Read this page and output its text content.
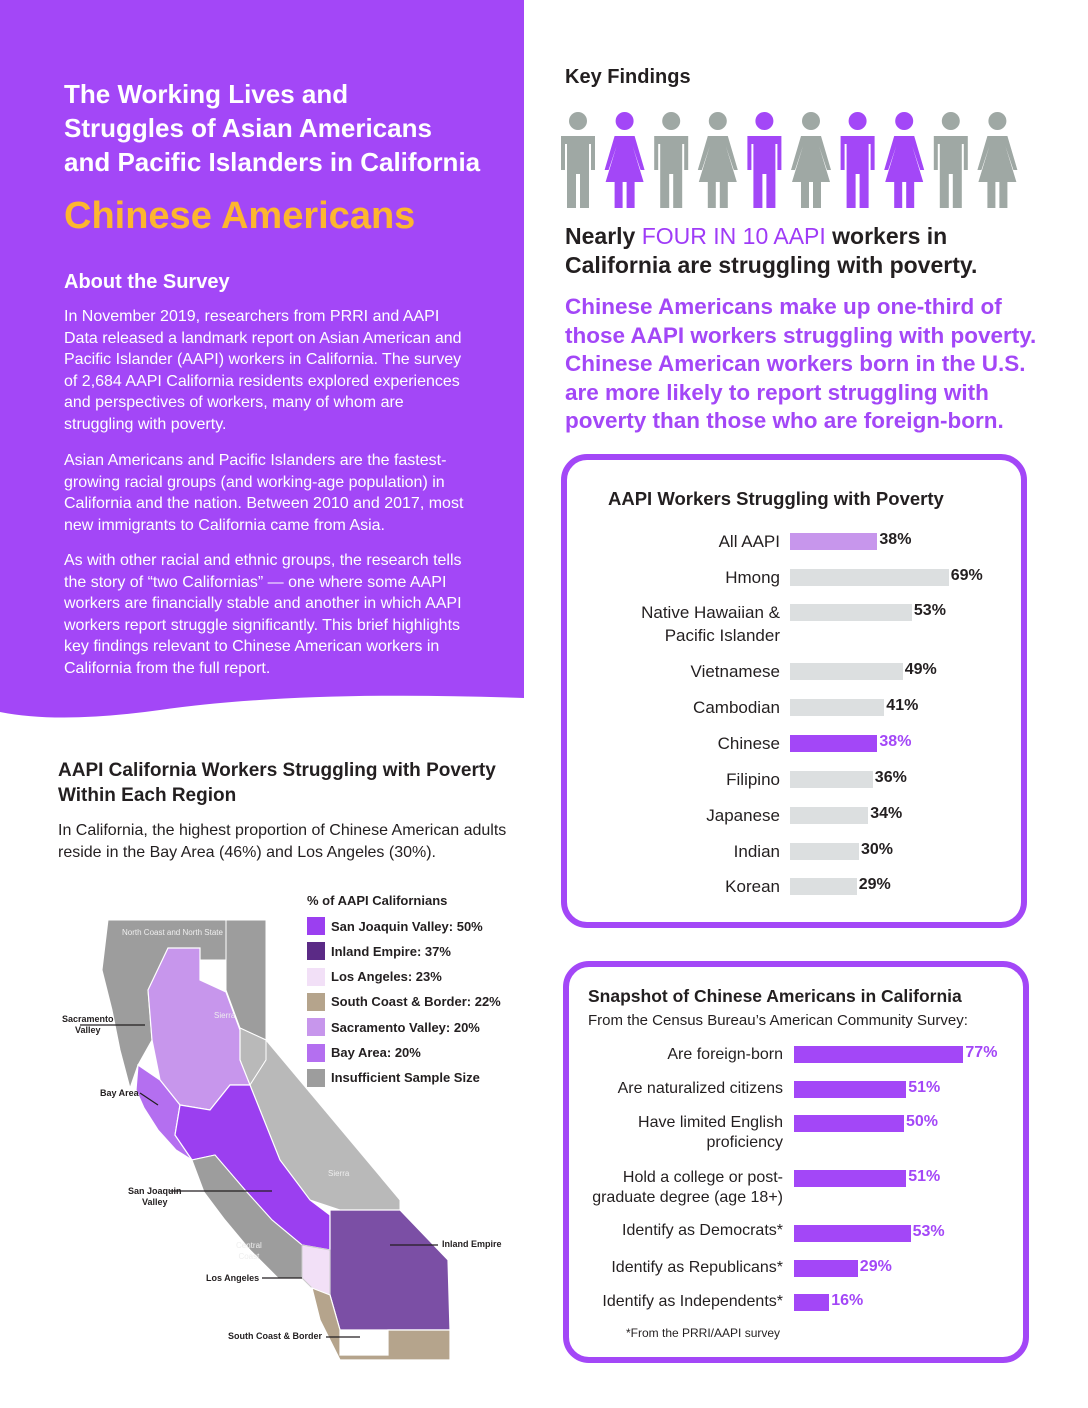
The Working Lives and
Struggles of Asian Americans
and Pacific Islanders in California
Chinese Americans
About the Survey
In November 2019, researchers from PRRI and AAPI Data released a landmark report on Asian American and Pacific Islander (AAPI) workers in California. The survey of 2,684 AAPI California residents explored experiences and perspectives of workers, many of whom are struggling with poverty.
Asian Americans and Pacific Islanders are the fastest-growing racial groups (and working-age population) in California and the nation. Between 2010 and 2017, most new immigrants to California came from Asia.
As with other racial and ethnic groups, the research tells the story of “two Californias” — one where some AAPI workers are financially stable and another in which AAPI workers report struggle significantly. This brief highlights key findings relevant to Chinese American workers in California from the full report.
AAPI California Workers Struggling with Poverty
Within Each Region
In California, the highest proportion of Chinese American adults reside in the Bay Area (46%) and Los Angeles (30%).
North Coast and North State
Sierra
Sierra
Central
Coast
Sacramento
Valley
Bay Area
San Joaquin
Valley
Inland Empire
Los Angeles
South Coast & Border
% of AAPI Californians
San Joaquin Valley: 50%
Inland Empire: 37%
Los Angeles: 23%
South Coast & Border: 22%
Sacramento Valley: 20%
Bay Area: 20%
Insufficient Sample Size
Key Findings
Nearly FOUR IN 10 AAPI workers in California are struggling with poverty.
Chinese Americans make up one-third of those AAPI workers struggling with poverty. Chinese American workers born in the U.S. are more likely to report struggling with poverty than those who are foreign-born.
AAPI Workers Struggling with Poverty
All AAPI	38%
Hmong	69%
Native Hawaiian & Pacific Islander
53%
Vietnamese	49%
Cambodian	41%
Chinese	38%
Filipino	36%
Japanese	34%
Indian	30%
Korean	29%
Snapshot of Chinese Americans in California
From the Census Bureau’s American Community Survey:
Are foreign-born	77%
Are naturalized citizens	51%
Have limited English proficiency
50%
Hold a college or post-graduate degree (age 18+)
51%
Identify as Democrats*	53%
Identify as Republicans*	29%
Identify as Independents*	16%
*From the PRRI/AAPI survey
